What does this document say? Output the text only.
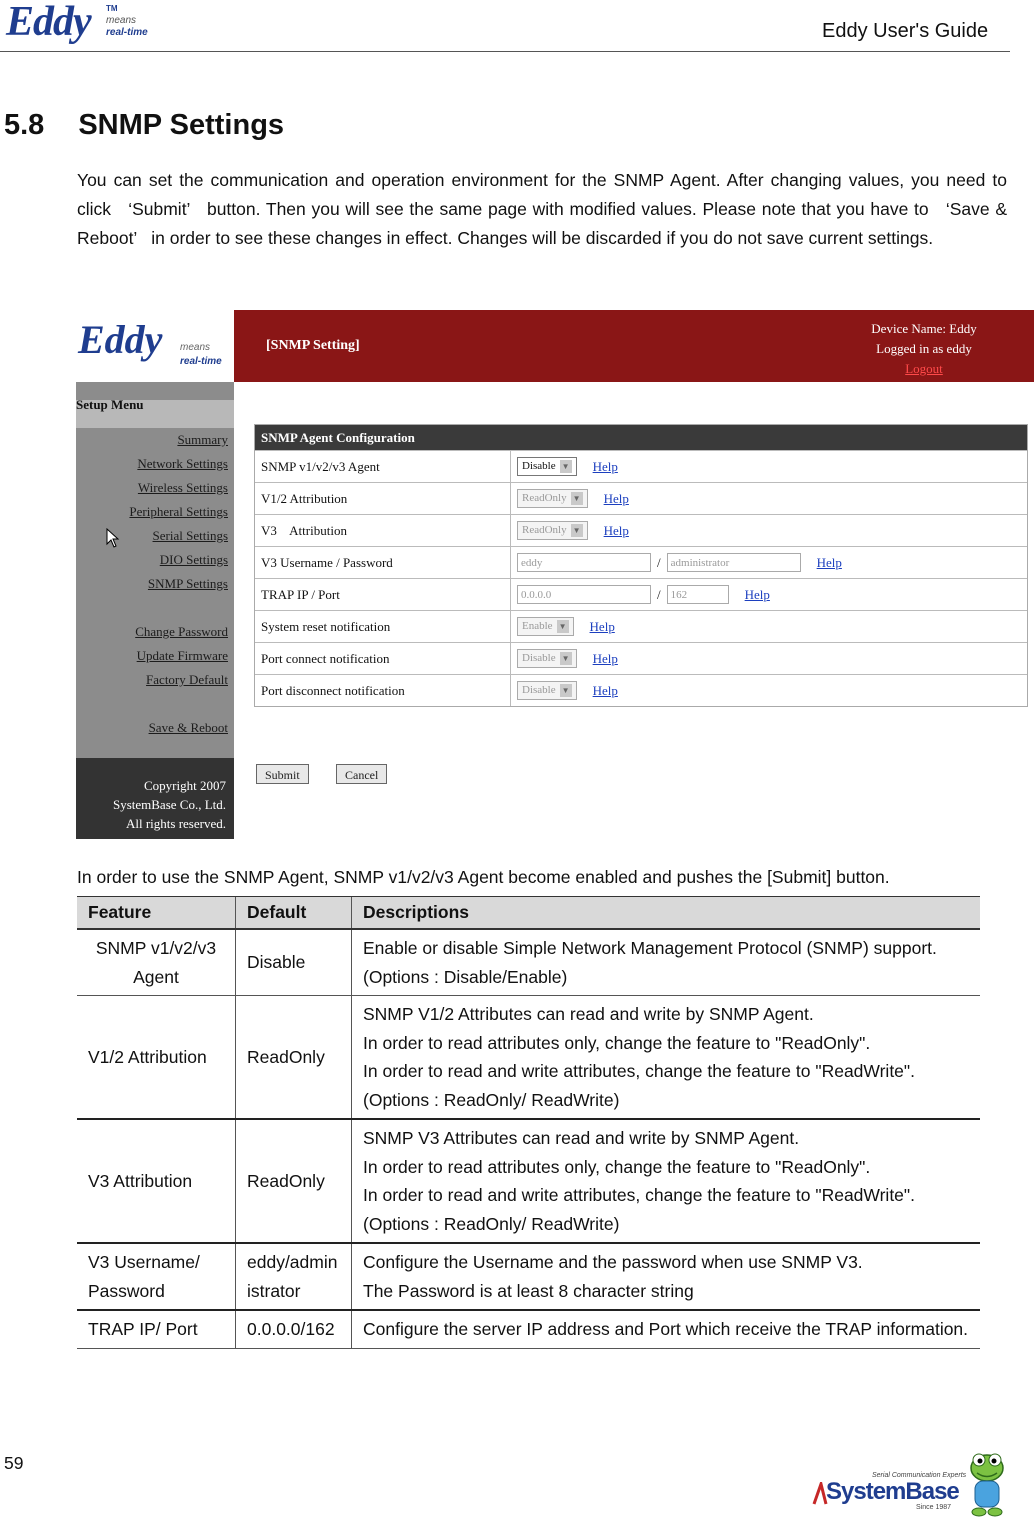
Eddy TM
means
real-time	Eddy User's Guide
5.8 SNMP Settings
You can set the communication and operation environment for the SNMP Agent. After changing values, you need to click   ‘Submit’   button. Then you will see the same page with modified values. Please note that you have to   ‘Save & Reboot’   in order to see these changes in effect. Changes will be discarded if you do not save current settings.
Eddy means
real-time
[SNMP Setting]
Device Name: Eddy
Logged in as eddy
Logout
Setup Menu
Summary
Network Settings
Wireless Settings
Peripheral Settings
Serial Settings
DIO Settings
SNMP Settings
Change Password
Update Firmware
Factory Default
Save & Reboot
Copyright 2007
SystemBase Co., Ltd.
All rights reserved.
SNMP Agent Configuration
SNMP v1/v2/v3 Agent	Disable ▼ Help
V1/2 Attribution	ReadOnly ▼ Help
V3    Attribution	ReadOnly ▼ Help
V3 Username / Password	eddy	/ administrator	Help
TRAP IP / Port	0.0.0.0	/ 162	Help
System reset notification	Enable ▼ Help
Port connect notification	Disable ▼ Help
Port disconnect notification	Disable ▼ Help
Submit	Cancel
In order to use the SNMP Agent, SNMP v1/v2/v3 Agent become enabled and pushes the [Submit] button.
Feature	Default	Descriptions
SNMP v1/v2/v3 Agent	Disable	Enable or disable Simple Network Management Protocol (SNMP) support.
(Options : Disable/Enable)

V1/2 Attribution	ReadOnly	SNMP V1/2 Attributes can read and write by SNMP Agent.
In order to read attributes only, change the feature to "ReadOnly".
In order to read and write attributes, change the feature to "ReadWrite".
(Options : ReadOnly/ ReadWrite)

V3 Attribution	ReadOnly	SNMP V3 Attributes can read and write by SNMP Agent.
In order to read attributes only, change the feature to "ReadOnly".
In order to read and write attributes, change the feature to "ReadWrite".
(Options : ReadOnly/ ReadWrite)

V3 Username/ Password	eddy/administrator	Configure the Username and the password when use SNMP V3.
The Password is at least 8 character string

TRAP IP/ Port	0.0.0.0/162	Configure the server IP address and Port which receive the TRAP information.
59
Serial Communication Experts
SystemBase
Since 1987
